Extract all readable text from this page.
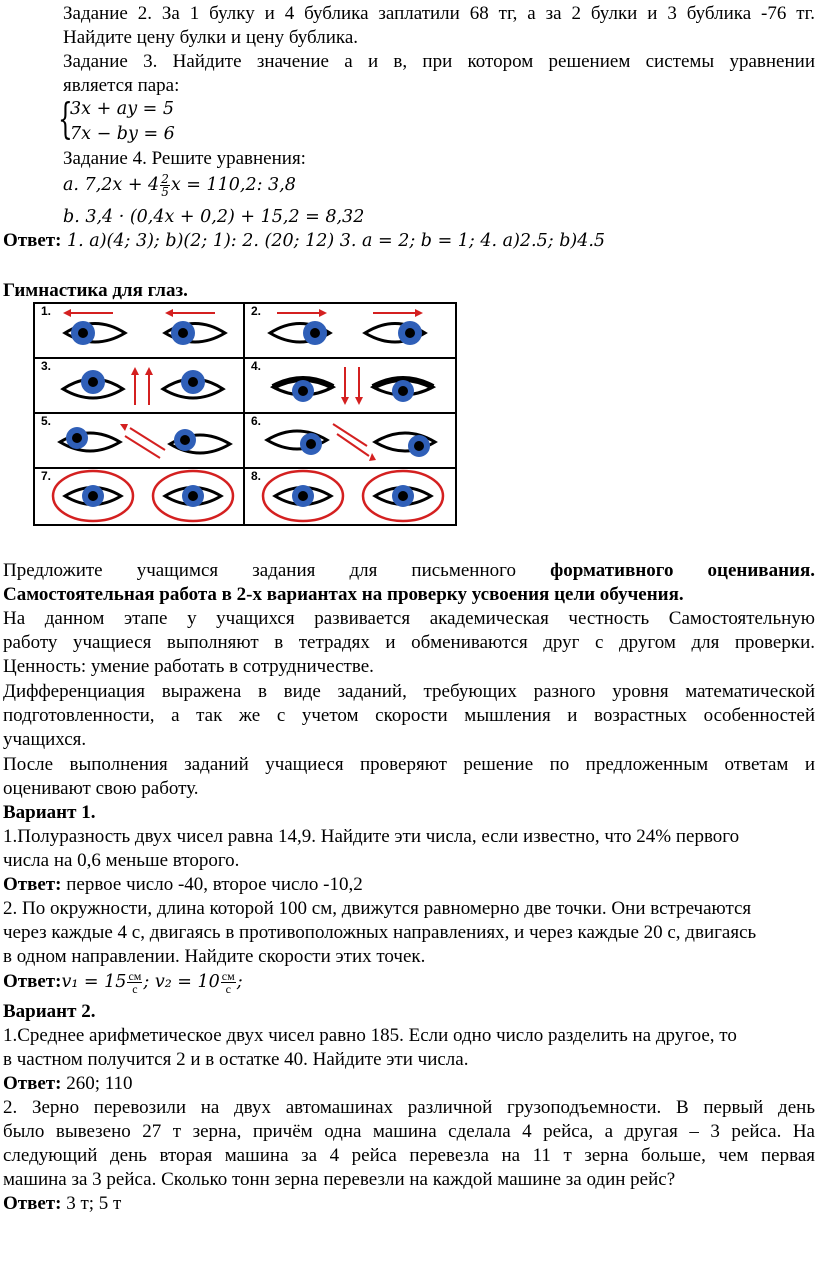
Задание 2. За 1 булку и 4 бублика заплатили 68 тг, а за 2 булки и 3 бублика -76 тг.
Найдите цену булки и цену бублика.
Задание 3. Найдите значение а и в, при котором решением системы уравнении
является пара:
{
3x + ay = 5
7x − by = 6
Задание 4. Решите уравнения:
a. $7,2x + 4 \frac{2}{5}$ x = 110,2: 3,8
b. 3,4 · (0,4x + 0,2) + 15,2 = 8,32
Ответ: 1. a)(4; 3); b)(2; 1): 2. (20; 12) 3. a = 2; b = 1; 4. a)2.5; b)4.5
Гимнастика для глаз.
1.	2.
3.	4.
5.	6.
7.	8.
Предложите учащимся задания для письменного формативного оценивания.
Самостоятельная работа в 2-х вариантах на проверку усвоения цели обучения.
На данном этапе у учащихся развивается академическая честность Самостоятельную
работу учащиеся выполняют в тетрадях и обмениваются друг с другом для проверки.
Ценность: умение работать в сотрудничестве.
Дифференциация выражена в виде заданий, требующих разного уровня математической
подготовленности, а так же с учетом скорости мышления и возрастных особенностей
учащихся.
После выполнения заданий учащиеся проверяют решение по предложенным ответам и
оценивают свою работу.
Вариант 1.
1.Полуразность двух чисел равна 14,9. Найдите эти числа, если известно, что 24% первого
числа на 0,6 меньше второго.
Ответ: первое число -40, второе число -10,2
2. По окружности, длина которой 100 см, движутся равномерно две точки. Они встречаются
через каждые 4 с, двигаясь в противоположных направлениях, и через каждые 20 с, двигаясь
в одном направлении. Найдите скорости этих точек.
Ответ:v₁ = $15 \frac{см}{с}$ ; $v_2 = 10 \frac{см}{с}$ ;
Вариант 2.
1.Среднее арифметическое двух чисел равно 185. Если одно число разделить на другое, то
в частном получится 2 и в остатке 40. Найдите эти числа.
Ответ: 260; 110
2. Зерно перевозили на двух автомашинах различной грузоподъемности. В первый день
было вывезено 27 т зерна, причём одна машина сделала 4 рейса, а другая – 3 рейса. На
следующий день вторая машина за 4 рейса перевезла на 11 т зерна больше, чем первая
машина за 3 рейса. Сколько тонн зерна перевезли на каждой машине за один рейс?
Ответ: 3 т; 5 т
